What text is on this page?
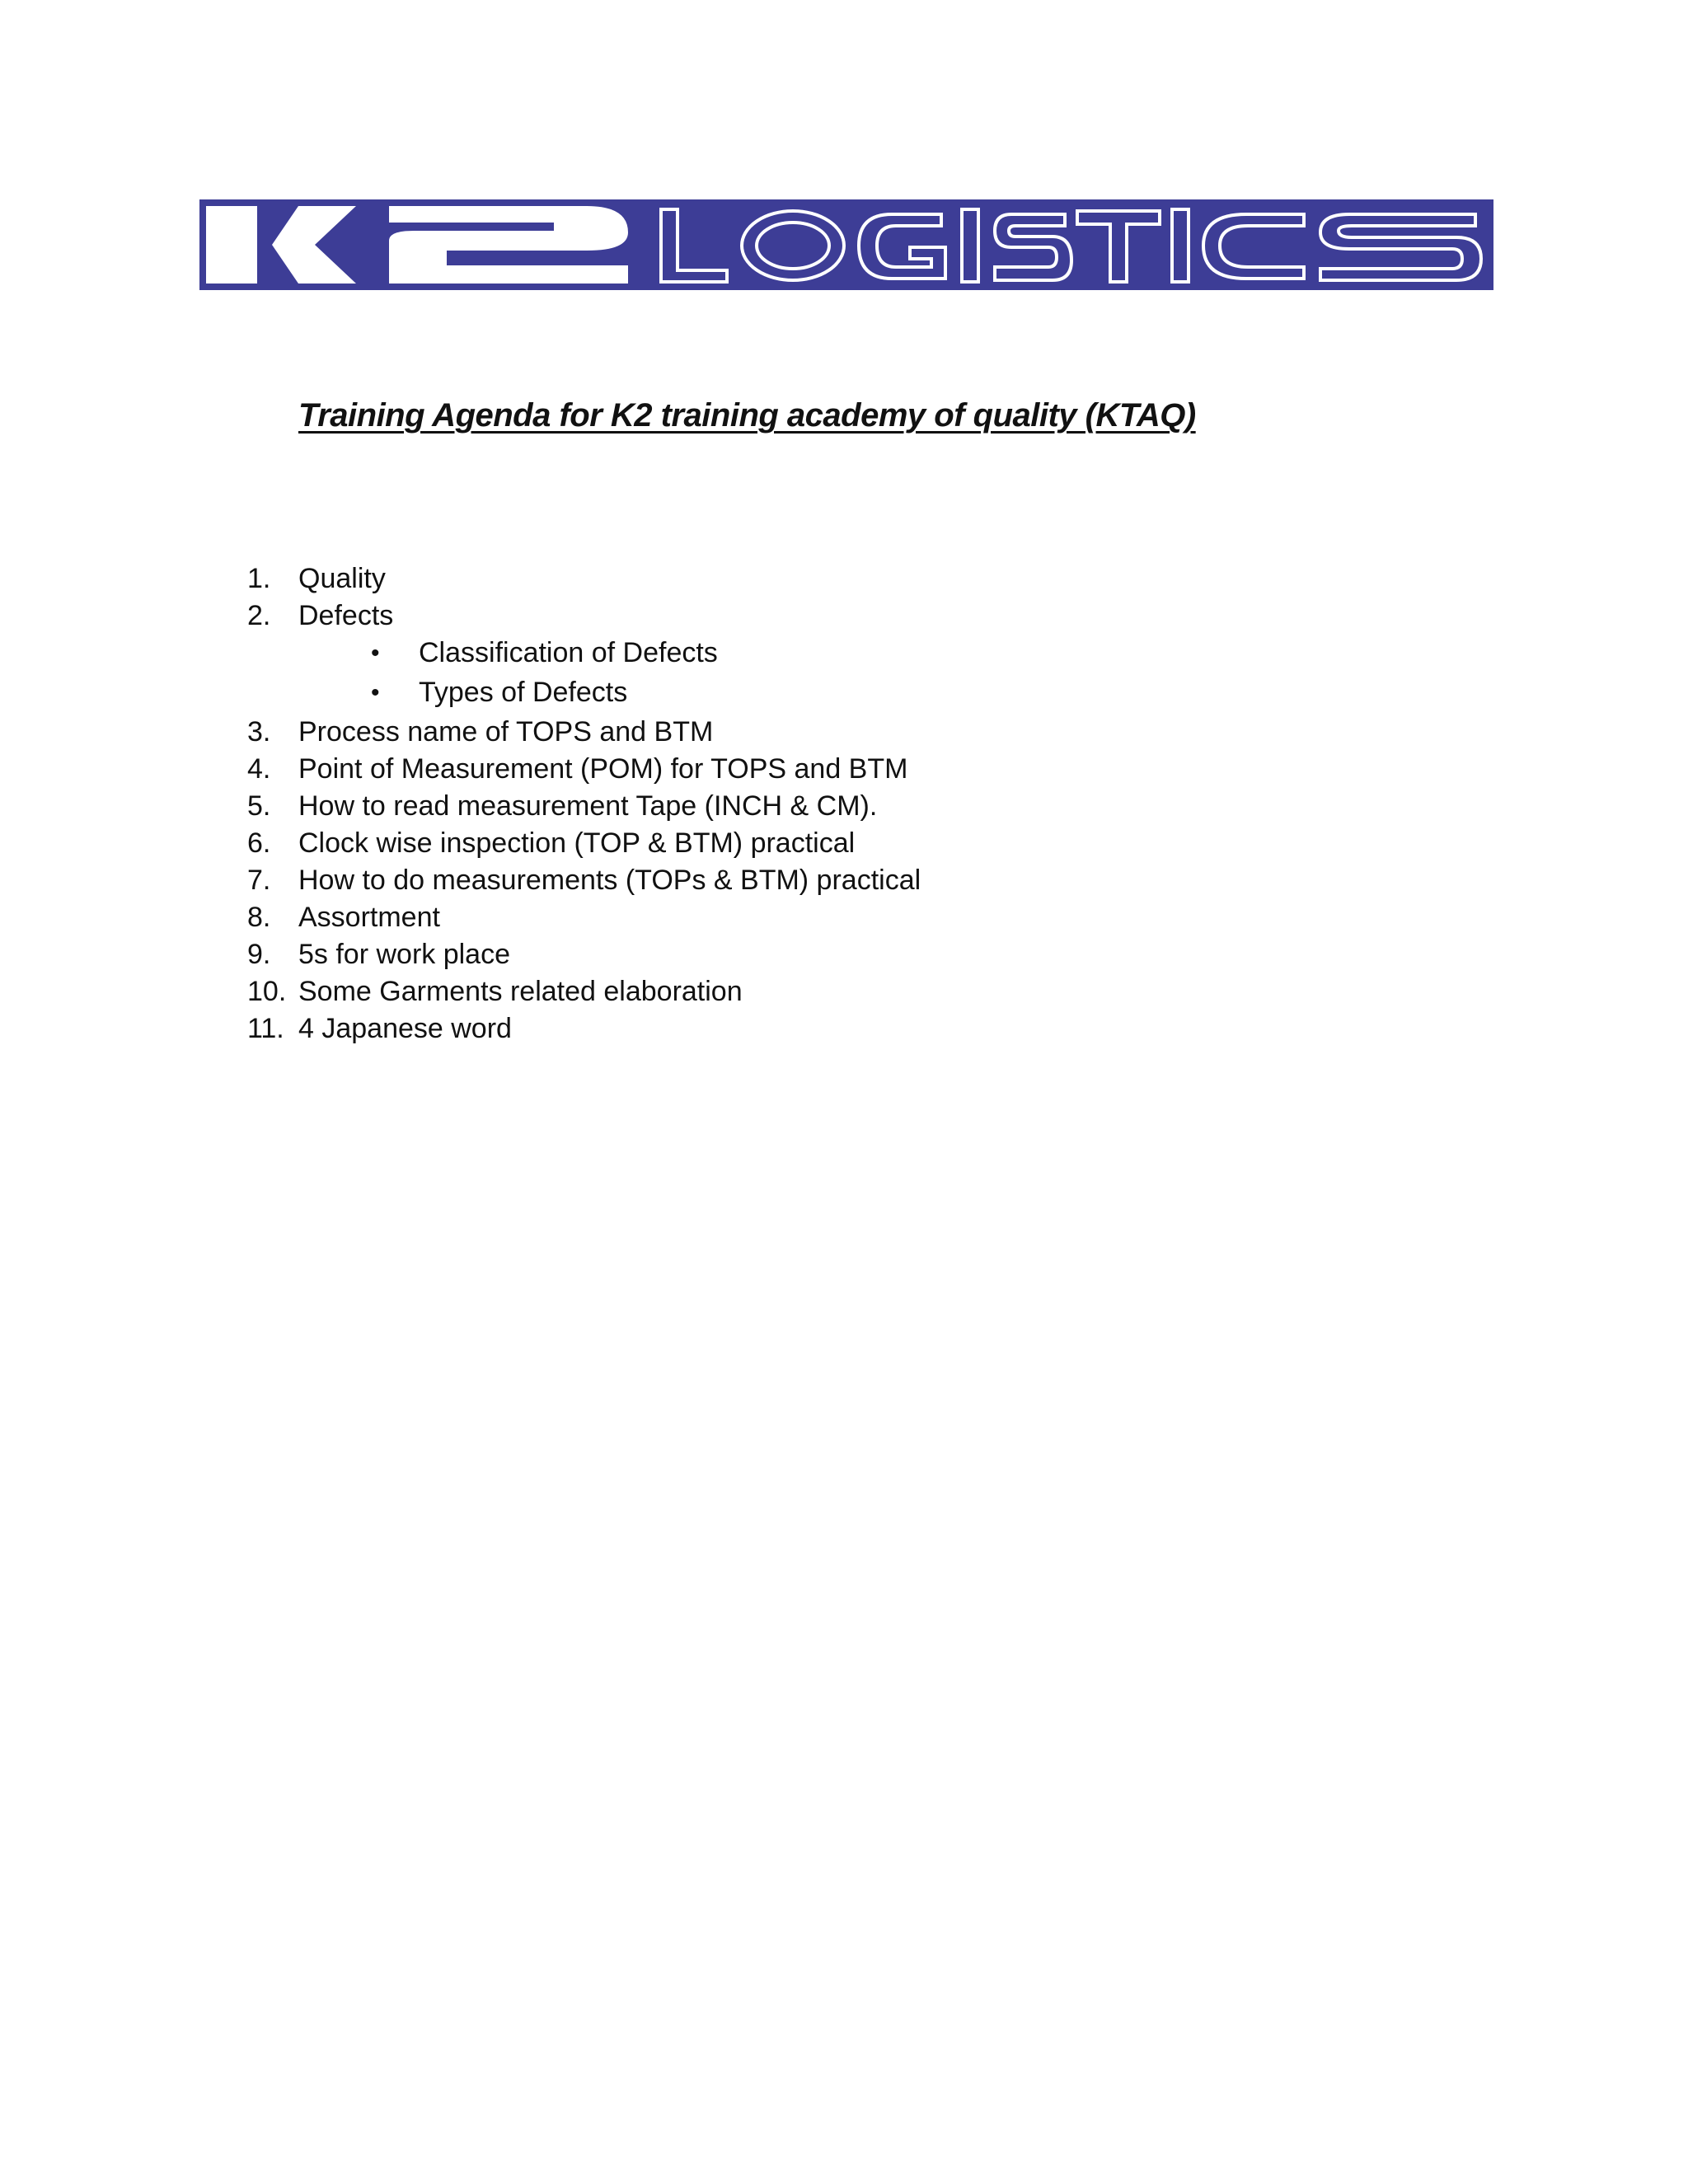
Training Agenda for K2 training academy of quality (KTAQ)
1. Quality
2. Defects
• Classification of Defects
• Types of Defects
3. Process name of TOPS and BTM
4. Point of Measurement (POM) for TOPS and BTM
5. How to read measurement Tape (INCH & CM).
6. Clock wise inspection (TOP & BTM) practical
7. How to do measurements (TOPs & BTM) practical
8. Assortment
9. 5s for work place
10. Some Garments related elaboration
11. 4 Japanese word
